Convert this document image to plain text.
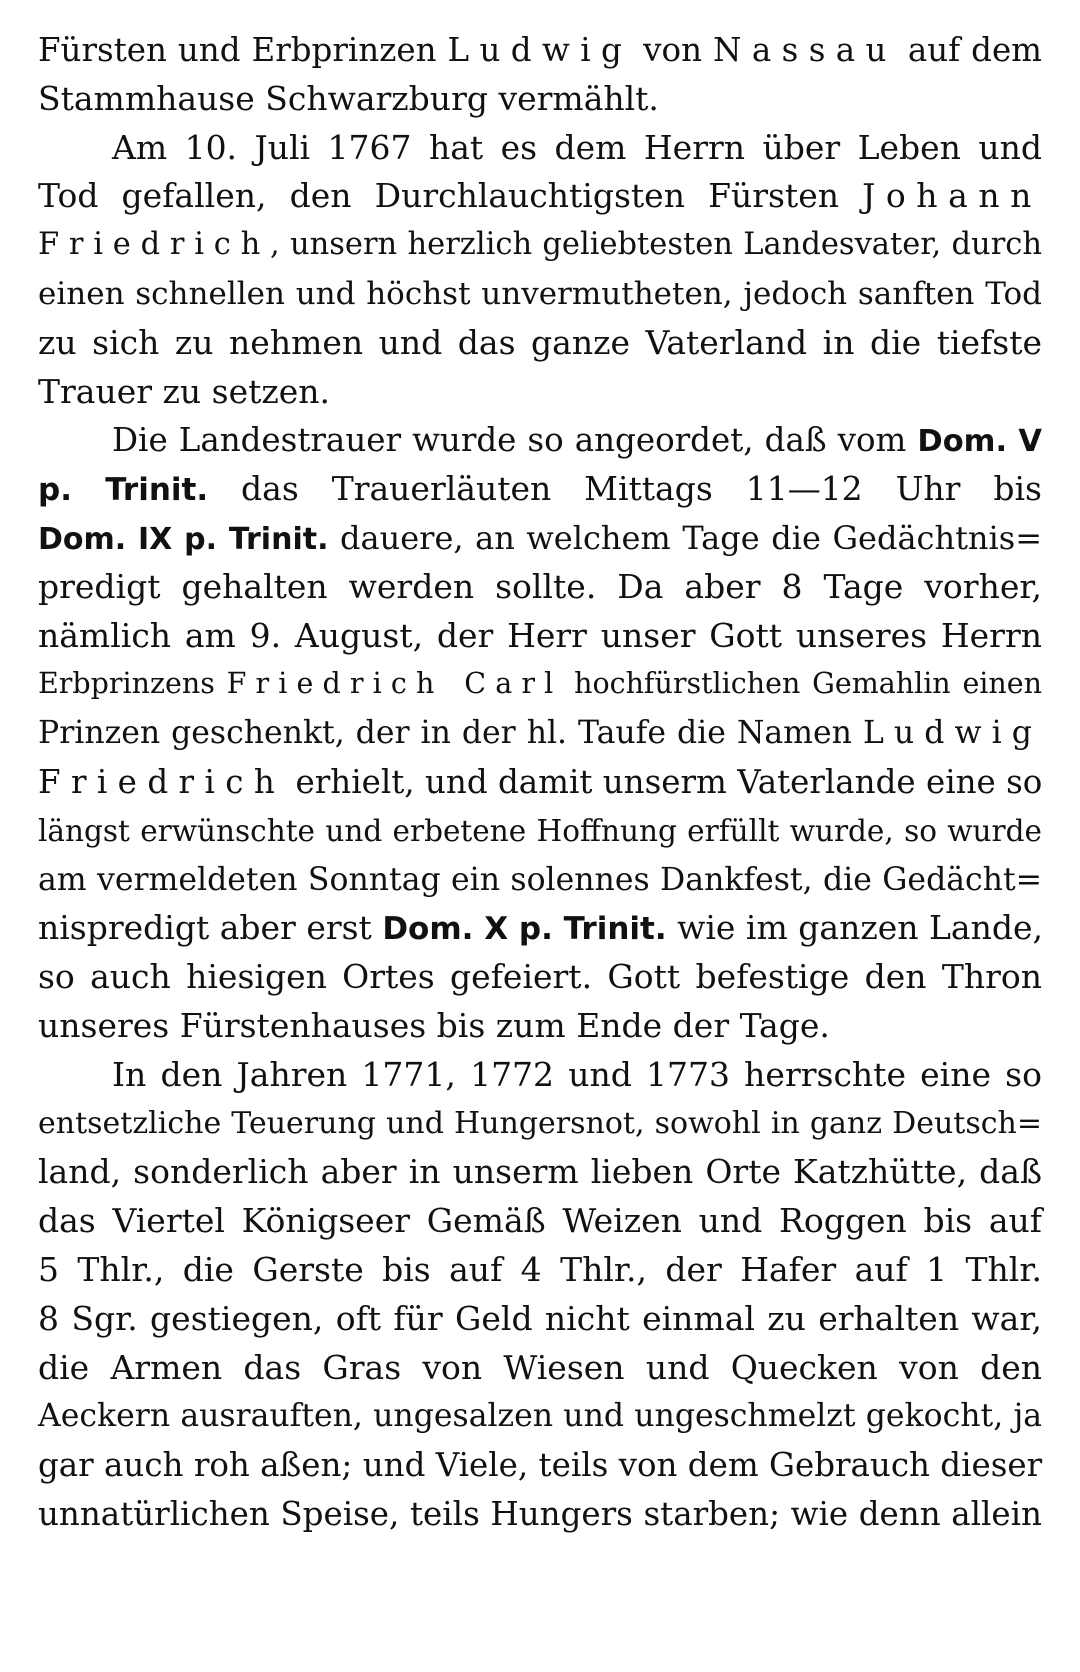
Fürsten und Erbprinzen Ludwig von Nassau auf dem
Stammhause Schwarzburg vermählt.
Am 10. Juli 1767 hat es dem Herrn über Leben und
Tod gefallen, den Durchlauchtigsten Fürsten Johann
Friedrich, unsern herzlich geliebtesten Landesvater, durch
einen schnellen und höchst unvermutheten, jedoch sanften Tod
zu sich zu nehmen und das ganze Vaterland in die tiefste
Trauer zu setzen.
Die Landestrauer wurde so angeordet, daß vom Dom. V
p. Trinit. das Trauerläuten Mittags 11—12 Uhr bis
Dom. IX p. Trinit. dauere, an welchem Tage die Gedächtnis=
predigt gehalten werden sollte. Da aber 8 Tage vorher,
nämlich am 9. August, der Herr unser Gott unseres Herrn
Erbprinzens Friedrich Carl hochfürstlichen Gemahlin einen
Prinzen geschenkt, der in der hl. Taufe die Namen Ludwig
Friedrich erhielt, und damit unserm Vaterlande eine so
längst erwünschte und erbetene Hoffnung erfüllt wurde, so wurde
am vermeldeten Sonntag ein solennes Dankfest, die Gedächt=
nispredigt aber erst Dom. X p. Trinit. wie im ganzen Lande,
so auch hiesigen Ortes gefeiert. Gott befestige den Thron
unseres Fürstenhauses bis zum Ende der Tage.
In den Jahren 1771, 1772 und 1773 herrschte eine so
entsetzliche Teuerung und Hungersnot, sowohl in ganz Deutsch=
land, sonderlich aber in unserm lieben Orte Katzhütte, daß
das Viertel Königseer Gemäß Weizen und Roggen bis auf
5 Thlr., die Gerste bis auf 4 Thlr., der Hafer auf 1 Thlr.
8 Sgr. gestiegen, oft für Geld nicht einmal zu erhalten war,
die Armen das Gras von Wiesen und Quecken von den
Aeckern ausrauften, ungesalzen und ungeschmelzt gekocht, ja
gar auch roh aßen; und Viele, teils von dem Gebrauch dieser
unnatürlichen Speise, teils Hungers starben; wie denn allein
